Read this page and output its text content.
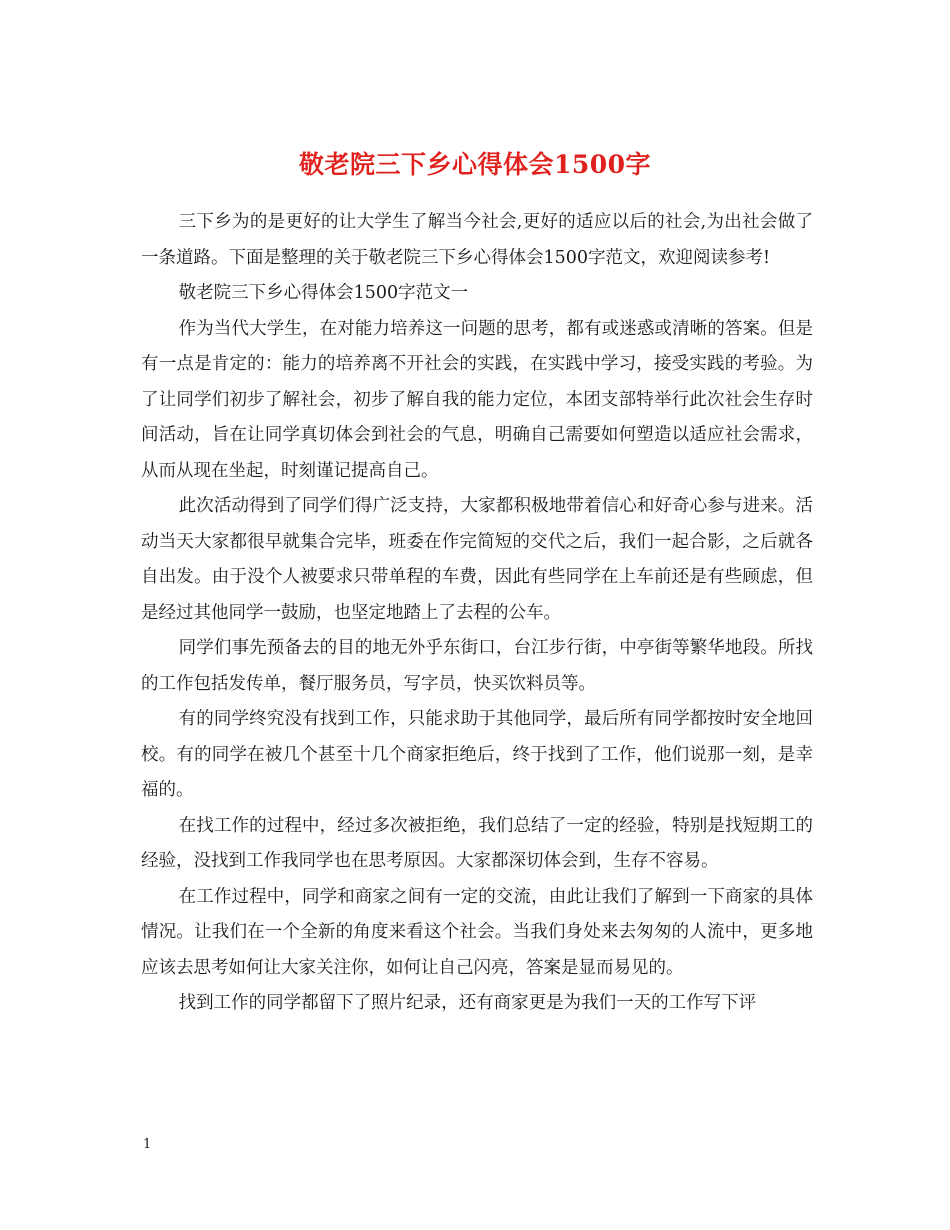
敬老院三下乡心得体会1500字

三下乡为的是更好的让大学生了解当今社会,更好的适应以后的社会,为出社会做了一条道路。下面是整理的关于敬老院三下乡心得体会1500字范文，欢迎阅读参考!

敬老院三下乡心得体会1500字范文一

作为当代大学生，在对能力培养这一问题的思考，都有或迷惑或清晰的答案。但是有一点是肯定的：能力的培养离不开社会的实践，在实践中学习，接受实践的考验。为了让同学们初步了解社会，初步了解自我的能力定位，本团支部特举行此次社会生存时间活动，旨在让同学真切体会到社会的气息，明确自己需要如何塑造以适应社会需求，从而从现在坐起，时刻谨记提高自己。

此次活动得到了同学们得广泛支持，大家都积极地带着信心和好奇心参与进来。活动当天大家都很早就集合完毕，班委在作完简短的交代之后，我们一起合影，之后就各自出发。由于没个人被要求只带单程的车费，因此有些同学在上车前还是有些顾虑，但是经过其他同学一鼓励，也坚定地踏上了去程的公车。

同学们事先预备去的目的地无外乎东街口，台江步行街，中亭街等繁华地段。所找的工作包括发传单，餐厅服务员，写字员，快买饮料员等。

有的同学终究没有找到工作，只能求助于其他同学，最后所有同学都按时安全地回校。有的同学在被几个甚至十几个商家拒绝后，终于找到了工作，他们说那一刻，是幸福的。

在找工作的过程中，经过多次被拒绝，我们总结了一定的经验，特别是找短期工的经验，没找到工作我同学也在思考原因。大家都深切体会到，生存不容易。

在工作过程中，同学和商家之间有一定的交流，由此让我们了解到一下商家的具体情况。让我们在一个全新的角度来看这个社会。当我们身处来去匆匆的人流中，更多地应该去思考如何让大家关注你，如何让自己闪亮，答案是显而易见的。

找到工作的同学都留下了照片纪录，还有商家更是为我们一天的工作写下评

1
